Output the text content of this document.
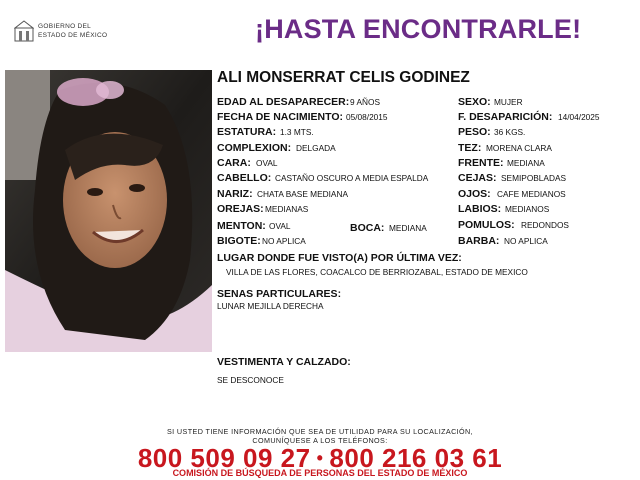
GOBIERNO DEL
ESTADO DE MÉXICO	¡HASTA ENCONTRARLE!
ALI MONSERRAT CELIS GODINEZ
EDAD AL DESAPARECER: 9 AÑOS
FECHA DE NACIMIENTO: 05/08/2015
ESTATURA: 1.3 MTS.
COMPLEXION: DELGADA
CARA: OVAL
CABELLO: CASTAÑO OSCURO A MEDIA ESPALDA
NARIZ: CHATA BASE MEDIANA
OREJAS: MEDIANAS
MENTON: OVAL	BOCA: MEDIANA
BIGOTE: NO APLICA
SEXO: MUJER
F. DESAPARICIÓN: 14/04/2025
PESO: 36 KGS.
TEZ: MORENA CLARA
FRENTE: MEDIANA
CEJAS: SEMIPOBLADAS
OJOS: CAFE MEDIANOS
LABIOS: MEDIANOS
POMULOS: REDONDOS
BARBA: NO APLICA
LUGAR DONDE FUE VISTO(A) POR ÚLTIMA VEZ:
VILLA DE LAS FLORES, COACALCO DE BERRIOZABAL, ESTADO DE MEXICO
SENAS PARTICULARES:
LUNAR MEJILLA DERECHA
VESTIMENTA Y CALZADO:
SE DESCONOCE
SI USTED TIENE INFORMACIÓN QUE SEA DE UTILIDAD PARA SU LOCALIZACIÓN,
COMUNÍQUESE A LOS TELÉFONOS:
800 509 09 27 • 800 216 03 61
COMISIÓN DE BÚSQUEDA DE PERSONAS DEL ESTADO DE MÉXICO
